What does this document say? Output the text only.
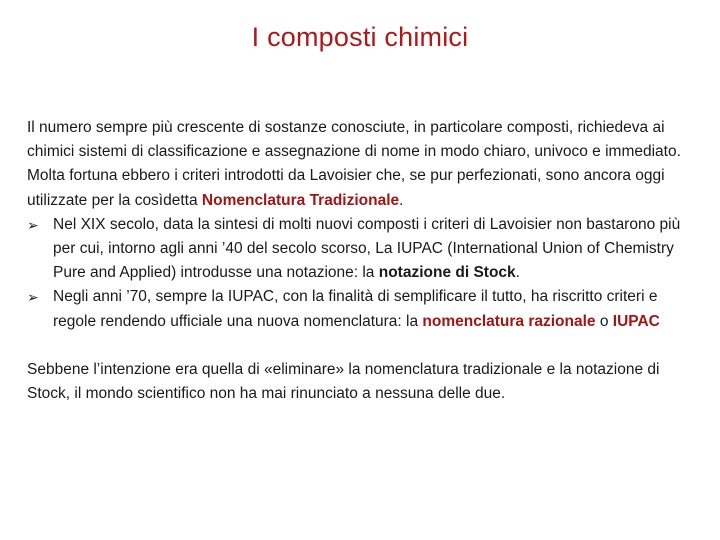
I composti chimici

Il numero sempre più crescente di sostanze conosciute, in particolare composti, richiedeva ai chimici sistemi di classificazione e assegnazione di nome in modo chiaro, univoco e immediato.

Molta fortuna ebbero i criteri introdotti da Lavoisier che, se pur perfezionati, sono ancora oggi utilizzate per la cosìdetta Nomenclatura Tradizionale.

➢ Nel XIX secolo, data la sintesi di molti nuovi composti i criteri di Lavoisier non bastarono più per cui, intorno agli anni ’40 del secolo scorso, La IUPAC (International Union of Chemistry Pure and Applied) introdusse una notazione: la notazione di Stock.
➢ Negli anni ’70, sempre la IUPAC, con la finalità di semplificare il tutto, ha riscritto criteri e regole rendendo ufficiale una nuova nomenclatura: la nomenclatura razionale o IUPAC

Sebbene l’intenzione era quella di «eliminare» la nomenclatura tradizionale e la notazione di Stock, il mondo scientifico non ha mai rinunciato a nessuna delle due.
